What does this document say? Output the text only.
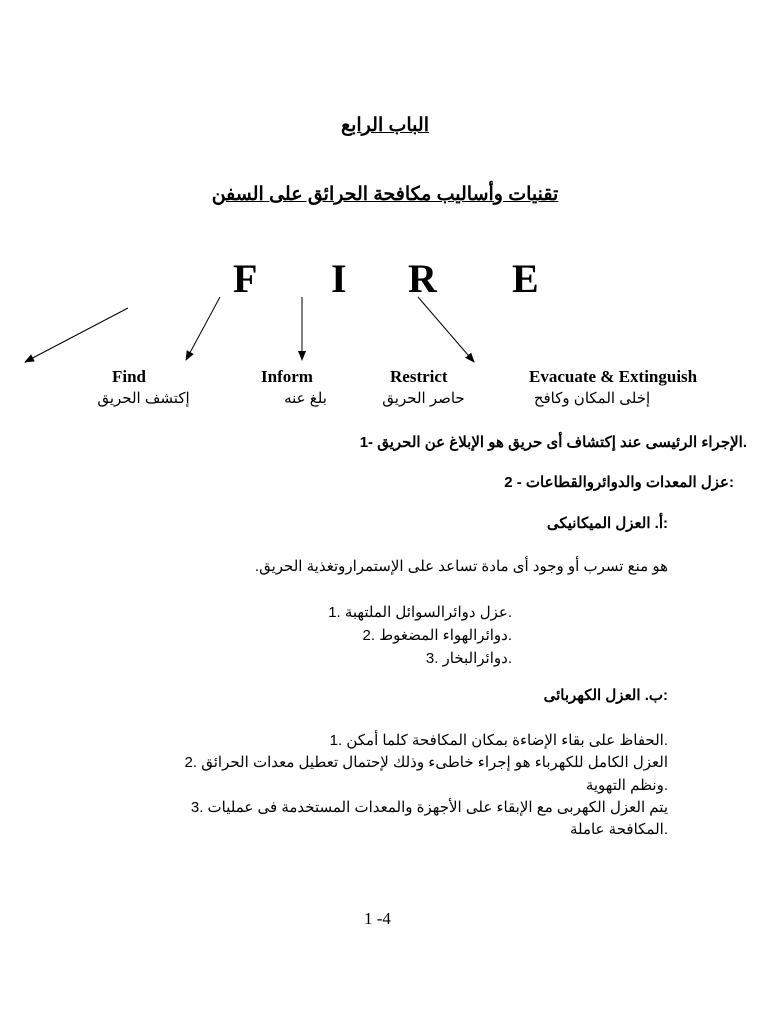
الباب الرابع
تقنيات وأساليب مكافحة الحرائق على السفن
F I R E
Find	Inform	Restrict	Evacuate & Extinguish
إكتشف الحريق	بلغ عنه	حاصر الحريق	إخلى المكان وكافح
.الإجراء الرئيسى عند إكتشاف أى حريق هو الإبلاغ عن الحريق -1
:عزل المعدات والدوائروالقطاعات - 2
:أ. العزل الميكانيكى
هو منع تسرب أو وجود أى مادة تساعد على الإستمراروتغذية الحريق.
.عزل دوائرالسوائل الملتهبة .1
.دوائرالهواء المضغوط .2
.دوائرالبخار .3
:ب. العزل الكهربائى
.الحفاظ على بقاء الإضاءة بمكان المكافحة كلما أمكن .1
العزل الكامل للكهرباء هو إجراء خاطىء وذلك لإحتمال تعطيل معدات الحرائق .2
.ونظم التهوية
يتم العزل الكهربى مع الإبقاء على الأجهزة والمعدات المستخدمة فى عمليات .3
.المكافحة عاملة
1 -4
